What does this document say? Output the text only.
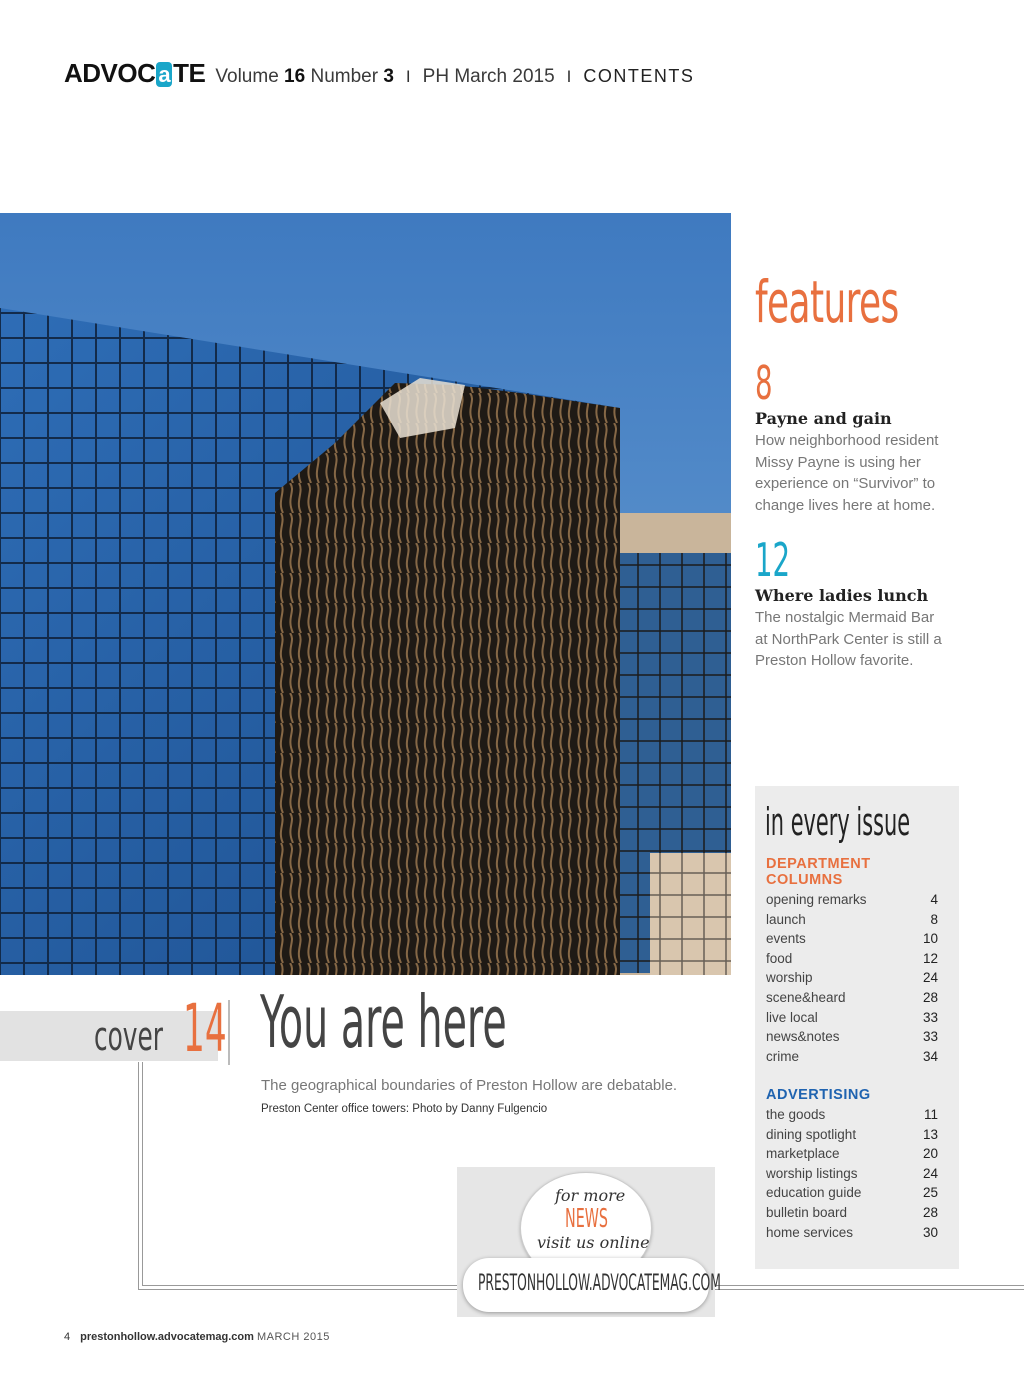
ADVOC a TE Volume 16 Number 3 I PH March 2015 I CONTENTS
features
8
Payne and gain
How neighborhood resident
Missy Payne is using her
experience on “Survivor” to
change lives here at home.
12
Where ladies lunch
The nostalgic Mermaid Bar
at NorthPark Center is still a
Preston Hollow favorite.
in every issue
DEPARTMENT COLUMNS
opening remarks	4
launch	8
events	10
food	12
worship	24
scene&heard	28
live local	33
news&notes	33
crime	34
ADVERTISING
the goods	11
dining spotlight	13
marketplace	20
worship listings	24
education guide	25
bulletin board	28
home services	30
cover 14 You are here
The geographical boundaries of Preston Hollow are debatable.
Preston Center office towers: Photo by Danny Fulgencio
for more
NEWS
visit us online
PRESTONHOLLOW.ADVOCATEMAG.COM
4 prestonhollow.advocatemag.com MARCH 2015
